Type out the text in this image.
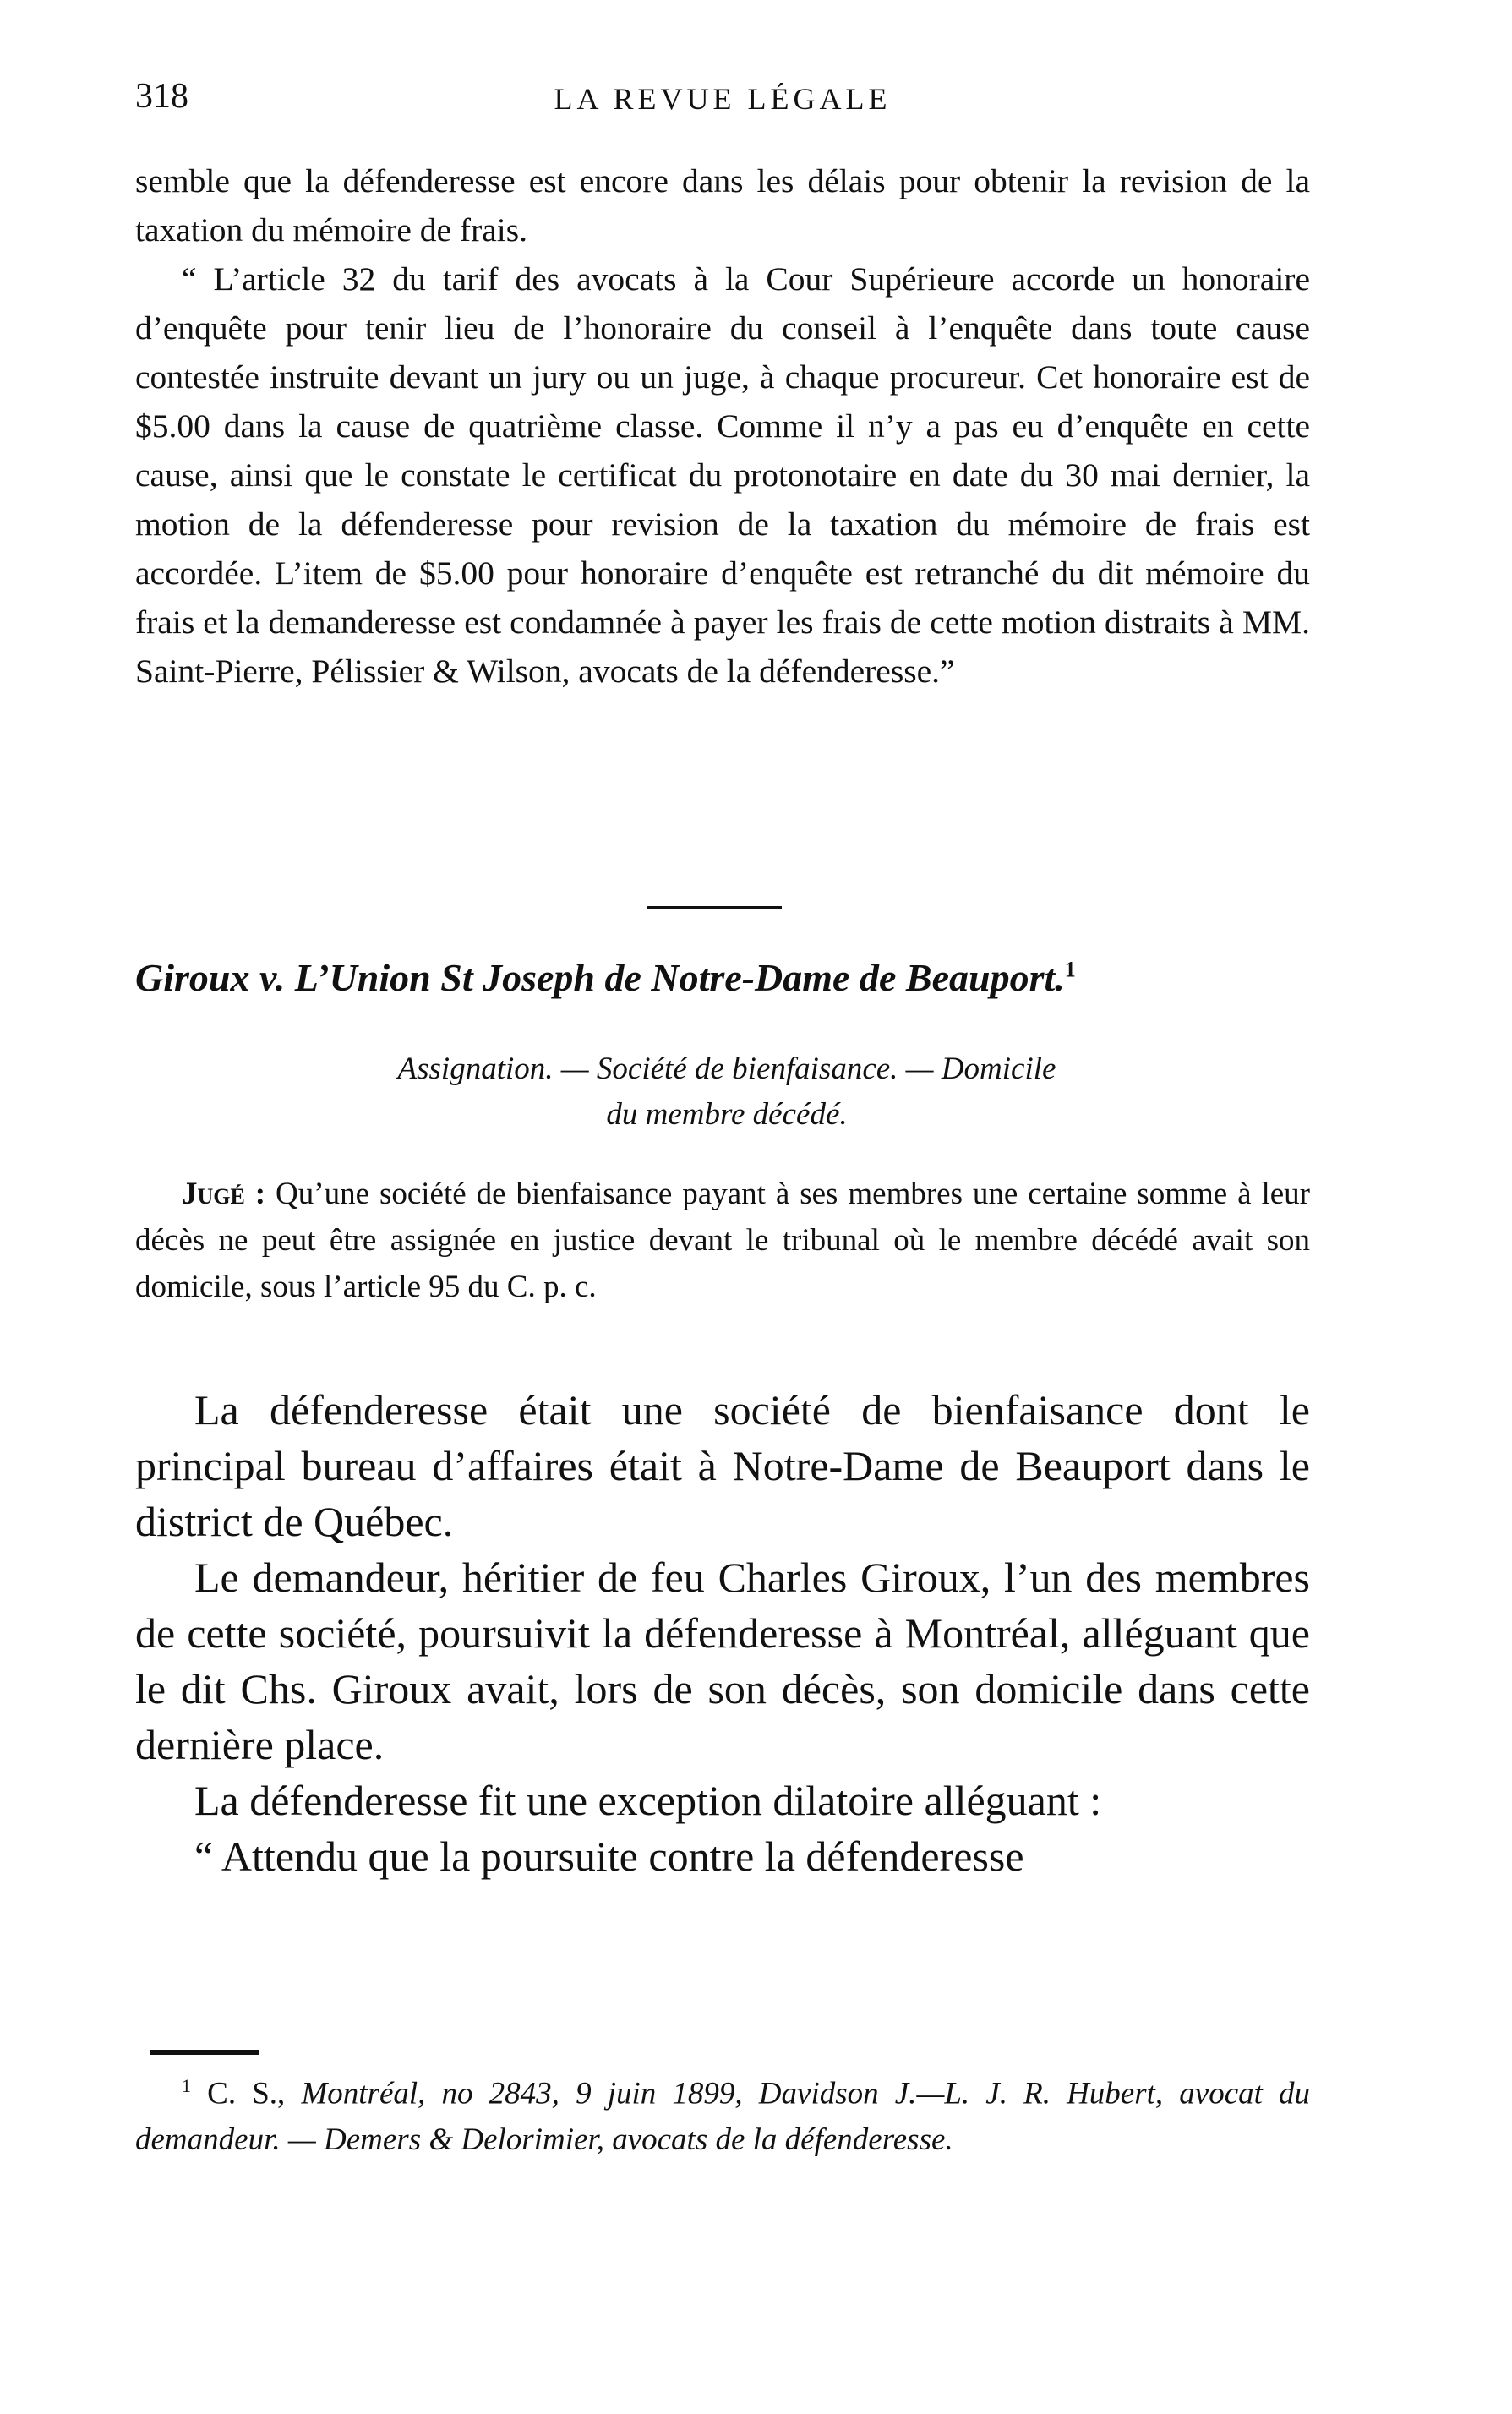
318	LA REVUE LÉGALE

semble que la défenderesse est encore dans les délais pour obtenir la revision de la taxation du mémoire de frais.

“ L’article 32 du tarif des avocats à la Cour Supérieure accorde un honoraire d’enquête pour tenir lieu de l’honoraire du conseil à l’enquête dans toute cause contestée instruite devant un jury ou un juge, à chaque procureur. Cet honoraire est de $5.00 dans la cause de quatrième classe. Comme il n’y a pas eu d’enquête en cette cause, ainsi que le constate le certificat du protonotaire en date du 30 mai dernier, la motion de la défenderesse pour revision de la taxation du mémoire de frais est accordée. L’item de $5.00 pour honoraire d’enquête est retranché du dit mémoire du frais et la demanderesse est condamnée à payer les frais de cette motion distraits à MM. Saint-Pierre, Pélissier & Wilson, avocats de la défenderesse.”

Giroux v. L’Union St Joseph de Notre-Dame de Beauport.$^1$
Assignation. — Société de bienfaisance. — Domicile
du membre décédé.

Jugé : Qu’une société de bienfaisance payant à ses membres une certaine somme à leur décès ne peut être assignée en justice devant le tribunal où le membre décédé avait son domicile, sous l’article 95 du C. p. c.

La défenderesse était une société de bienfaisance dont le principal bureau d’affaires était à Notre-Dame de Beauport dans le district de Québec.

Le demandeur, héritier de feu Charles Giroux, l’un des membres de cette société, poursuivit la défenderesse à Montréal, alléguant que le dit Chs. Giroux avait, lors de son décès, son domicile dans cette dernière place.

La défenderesse fit une exception dilatoire alléguant :

“ Attendu que la poursuite contre la défenderesse

$^1$ C. S., Montréal, no 2843, 9 juin 1899, Davidson J.—L. J. R. Hubert, avocat du demandeur. — Demers & Delorimier, avocats de la défenderesse.
